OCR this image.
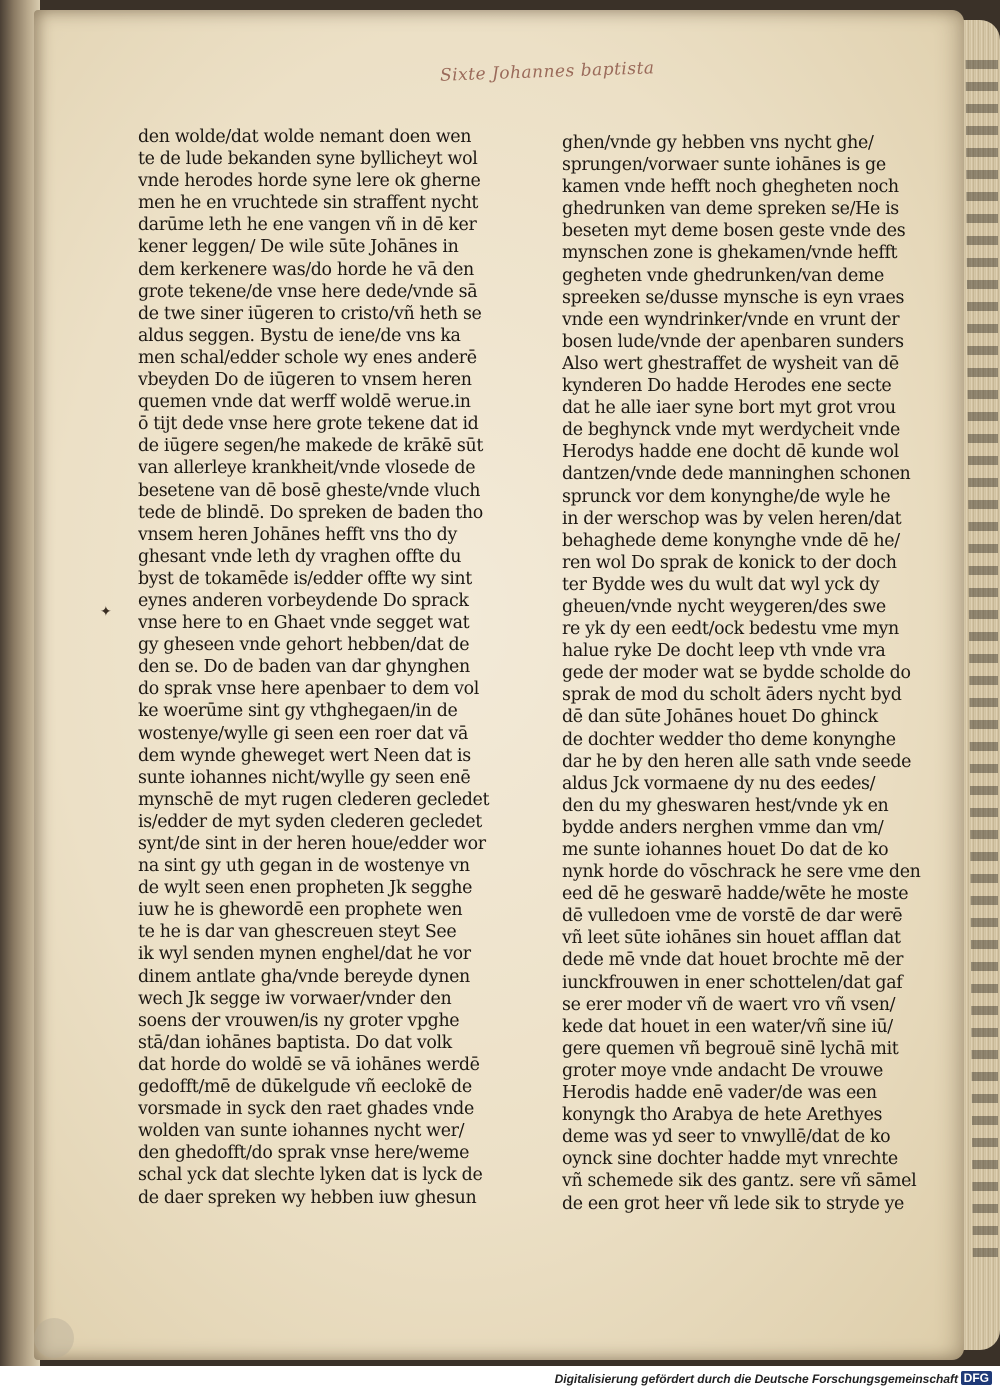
Sixte Johannes baptista
✦
den wolde/dat wolde nemant doen wen
te de lude bekanden syne byllicheyt wol
vnde herodes horde syne lere ok gherne
men he en vruchtede sin straffent nycht
darūme leth he ene vangen vñ in dē ker
kener leggen/ De wile sūte Johānes in
dem kerkenere was/do horde he vā den
grote tekene/de vnse here dede/vnde sā
de twe siner iūgeren to cristo/vñ heth se
aldus seggen. Bystu de iene/de vns ka
men schal/edder schole wy enes anderē
vbeyden Do de iūgeren to vnsem heren
quemen vnde dat werff woldē werue.in
ō tijt dede vnse here grote tekene dat id
de iūgere segen/he makede de krākē sūt
van allerleye krankheit/vnde vlosede de
besetene van dē bosē gheste/vnde vluch
tede de blindē. Do spreken de baden tho
vnsem heren Johānes hefft vns tho dy
ghesant vnde leth dy vraghen offte du
byst de tokamēde is/edder offte wy sint
eynes anderen vorbeydende Do sprack
vnse here to en Ghaet vnde segget wat
gy gheseen vnde gehort hebben/dat de
den se. Do de baden van dar ghynghen
do sprak vnse here apenbaer to dem vol
ke woerūme sint gy vthghegaen/in de
wostenye/wylle gi seen een roer dat vā
dem wynde gheweget wert Neen dat is
sunte iohannes nicht/wylle gy seen enē
mynschē de myt rugen clederen gecledet
is/edder de myt syden clederen gecledet
synt/de sint in der heren houe/edder wor
na sint gy uth gegan in de wostenye vn
de wylt seen enen propheten Jk segghe
iuw he is ghewordē een prophete wen
te he is dar van ghescreuen steyt See
ik wyl senden mynen enghel/dat he vor
dinem antlate gha/vnde bereyde dynen
wech Jk segge iw vorwaer/vnder den
soens der vrouwen/is ny groter vpghe
stā/dan iohānes baptista. Do dat volk
dat horde do woldē se vā iohānes werdē
gedofft/mē de dūkelgude vñ eeclokē de
vorsmade in syck den raet ghades vnde
wolden van sunte iohannes nycht wer/
den ghedofft/do sprak vnse here/weme
schal yck dat slechte lyken dat is lyck de
de daer spreken wy hebben iuw ghesun
ghen/vnde gy hebben vns nycht ghe/
sprungen/vorwaer sunte iohānes is ge
kamen vnde hefft noch ghegheten noch
ghedrunken van deme spreken se/He is
beseten myt deme bosen geste vnde des
mynschen zone is ghekamen/vnde hefft
gegheten vnde ghedrunken/van deme
spreeken se/dusse mynsche is eyn vraes
vnde een wyndrinker/vnde en vrunt der
bosen lude/vnde der apenbaren sunders
Also wert ghestraffet de wysheit van dē
kynderen Do hadde Herodes ene secte
dat he alle iaer syne bort myt grot vrou
de beghynck vnde myt werdycheit vnde
Herodys hadde ene docht dē kunde wol
dantzen/vnde dede manninghen schonen
sprunck vor dem konynghe/de wyle he
in der werschop was by velen heren/dat
behaghede deme konynghe vnde dē he/
ren wol Do sprak de konick to der doch
ter Bydde wes du wult dat wyl yck dy
gheuen/vnde nycht weygeren/des swe
re yk dy een eedt/ock bedestu vme myn
halue ryke De docht leep vth vnde vra
gede der moder wat se bydde scholde do
sprak de mod du scholt āders nycht byd
dē dan sūte Johānes houet Do ghinck
de dochter wedder tho deme konynghe
dar he by den heren alle sath vnde seede
aldus Jck vormaene dy nu des eedes/
den du my gheswaren hest/vnde yk en
bydde anders nerghen vmme dan vm/
me sunte iohannes houet Do dat de ko
nynk horde do vōschrack he sere vme den
eed dē he geswarē hadde/wēte he moste
dē vulledoen vme de vorstē de dar werē
vñ leet sūte iohānes sin houet afflan dat
dede mē vnde dat houet brochte mē der
iunckfrouwen in ener schottelen/dat gaf
se erer moder vñ de waert vro vñ vsen/
kede dat houet in een water/vñ sine iū/
gere quemen vñ begrouē sinē lychā mit
groter moye vnde andacht De vrouwe
Herodis hadde enē vader/de was een
konyngk tho Arabya de hete Arethyes
deme was yd seer to vnwyllē/dat de ko
oynck sine dochter hadde myt vnrechte
vñ schemede sik des gantz. sere vñ sāmel
de een grot heer vñ lede sik to stryde ye
Digitalisierung gefördert durch die Deutsche Forschungsgemeinschaft DFG
